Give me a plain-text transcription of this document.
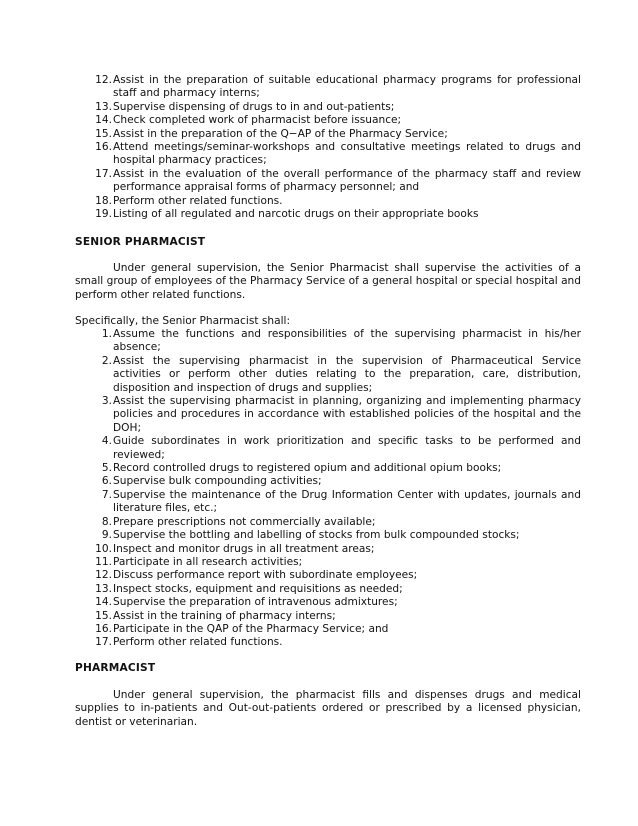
12. Assist in the preparation of suitable educational pharmacy programs for professional staff and pharmacy interns;
13. Supervise dispensing of drugs to in and out-patients;
14. Check completed work of pharmacist before issuance;
15. Assist in the preparation of the Q−AP of the Pharmacy Service;
16. Attend meetings/seminar-workshops and consultative meetings related to drugs and hospital pharmacy practices;
17. Assist in the evaluation of the overall performance of the pharmacy staff and review performance appraisal forms of pharmacy personnel; and
18. Perform other related functions.
19. Listing of all regulated and narcotic drugs on their appropriate books
SENIOR PHARMACIST

Under general supervision, the Senior Pharmacist shall supervise the activities of a small group of employees of the Pharmacy Service of a general hospital or special hospital and perform other related functions.

Specifically, the Senior Pharmacist shall:

1. Assume the functions and responsibilities of the supervising pharmacist in his/her absence;
2. Assist the supervising pharmacist in the supervision of Pharmaceutical Service activities or perform other duties relating to the preparation, care, distribution, disposition and inspection of drugs and supplies;
3. Assist the supervising pharmacist in planning, organizing and implementing pharmacy policies and procedures in accordance with established policies of the hospital and the DOH;
4. Guide subordinates in work prioritization and specific tasks to be performed and reviewed;
5. Record controlled drugs to registered opium and additional opium books;
6. Supervise bulk compounding activities;
7. Supervise the maintenance of the Drug Information Center with updates, journals and literature files, etc.;
8. Prepare prescriptions not commercially available;
9. Supervise the bottling and labelling of stocks from bulk compounded stocks;
10. Inspect and monitor drugs in all treatment areas;
11. Participate in all research activities;
12. Discuss performance report with subordinate employees;
13. Inspect stocks, equipment and requisitions as needed;
14. Supervise the preparation of intravenous admixtures;
15. Assist in the training of pharmacy interns;
16. Participate in the QAP of the Pharmacy Service; and
17. Perform other related functions.
PHARMACIST

Under general supervision, the pharmacist fills and dispenses drugs and medical supplies to in-patients and Out-out-patients ordered or prescribed by a licensed physician, dentist or veterinarian.
